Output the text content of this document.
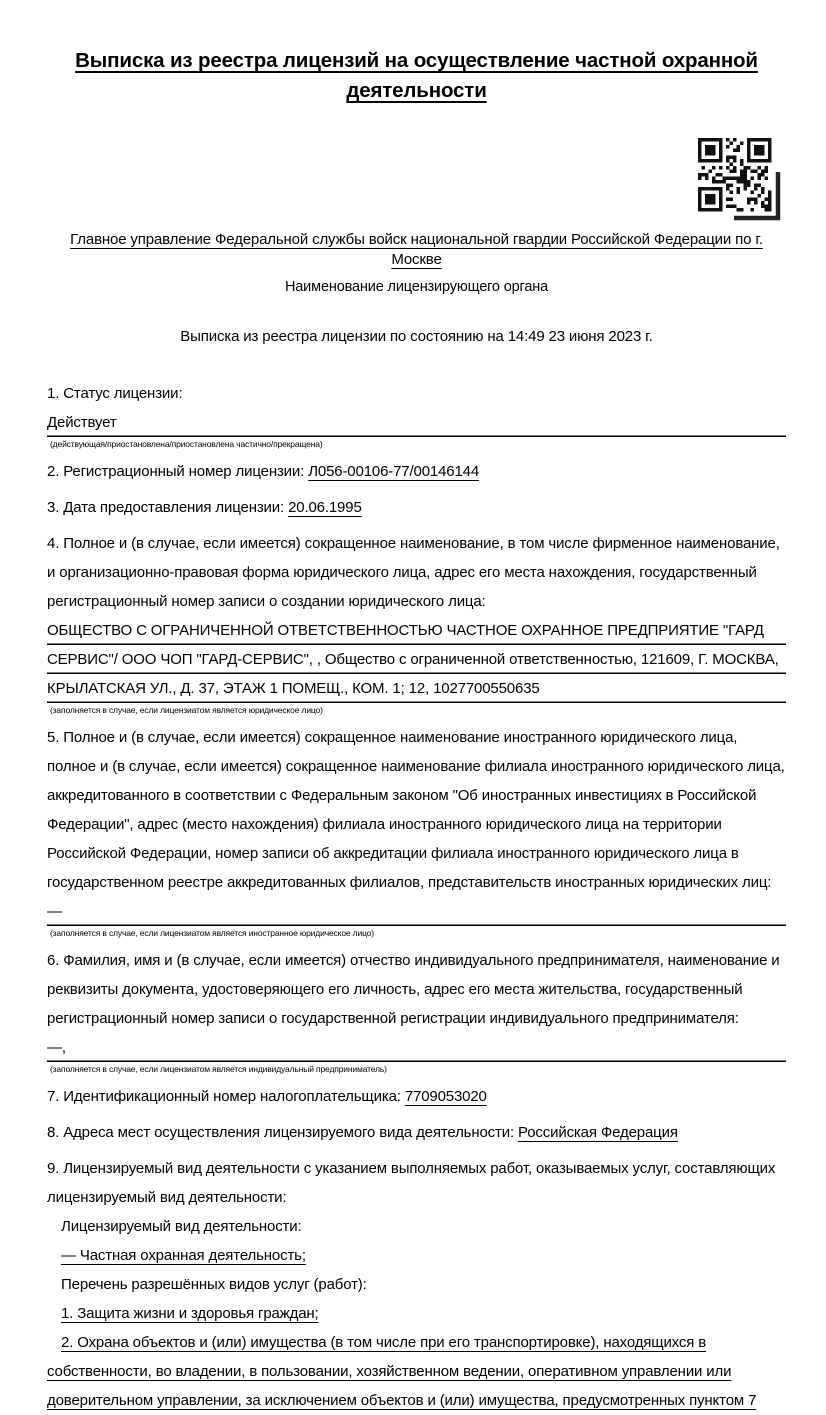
Выписка из реестра лицензий на осуществление частной охранной деятельности
Главное управление Федеральной службы войск национальной гвардии Российской Федерации по г. Москве
Наименование лицензирующего органа
Выписка из реестра лицензии по состоянию на 14:49 23 июня 2023 г.

1. Статус лицензии:

Действует
(действующая/приостановлена/приостановлена частично/прекращена)

2. Регистрационный номер лицензии: Л056-00106-77/00146144

3. Дата предоставления лицензии: 20.06.1995

4. Полное и (в случае, если имеется) сокращенное наименование, в том числе фирменное наименование, и организационно-правовая форма юридического лица, адрес его места нахождения, государственный регистрационный номер записи о создании юридического лица:

ОБЩЕСТВО С ОГРАНИЧЕННОЙ ОТВЕТСТВЕННОСТЬЮ ЧАСТНОЕ ОХРАННОЕ ПРЕДПРИЯТИЕ "ГАРД СЕРВИС"/ ООО ЧОП "ГАРД-СЕРВИС", , Общество с ограниченной ответственностью, 121609, Г. МОСКВА, КРЫЛАТСКАЯ УЛ., Д. 37, ЭТАЖ 1 ПОМЕЩ., КОМ. 1; 12, 1027700550635
(заполняется в случае, если лицензиатом является юридическое лицо)

5. Полное и (в случае, если имеется) сокращенное наименование иностранного юридического лица, полное и (в случае, если имеется) сокращенное наименование филиала иностранного юридического лица, аккредитованного в соответствии с Федеральным законом "Об иностранных инвестициях в Российской Федерации", адрес (место нахождения) филиала иностранного юридического лица на территории Российской Федерации, номер записи об аккредитации филиала иностранного юридического лица в государственном реестре аккредитованных филиалов, представительств иностранных юридических лиц:

—
(заполняется в случае, если лицензиатом является иностранное юридическое лицо)

6. Фамилия, имя и (в случае, если имеется) отчество индивидуального предпринимателя, наименование и реквизиты документа, удостоверяющего его личность, адрес его места жительства, государственный регистрационный номер записи о государственной регистрации индивидуального предпринимателя:

—,
(заполняется в случае, если лицензиатом является индивидуальный предприниматель)

7. Идентификационный номер налогоплательщика: 7709053020

8. Адреса мест осуществления лицензируемого вида деятельности: Российская Федерация

9. Лицензируемый вид деятельности с указанием выполняемых работ, оказываемых услуг, составляющих лицензируемый вид деятельности:

Лицензируемый вид деятельности:

— Частная охранная деятельность;

Перечень разрешённых видов услуг (работ):

1. Защита жизни и здоровья граждан;

2. Охрана объектов и (или) имущества (в том числе при его транспортировке), находящихся в собственности, во владении, в пользовании, хозяйственном ведении, оперативном управлении или доверительном управлении, за исключением объектов и (или) имущества, предусмотренных пунктом 7
